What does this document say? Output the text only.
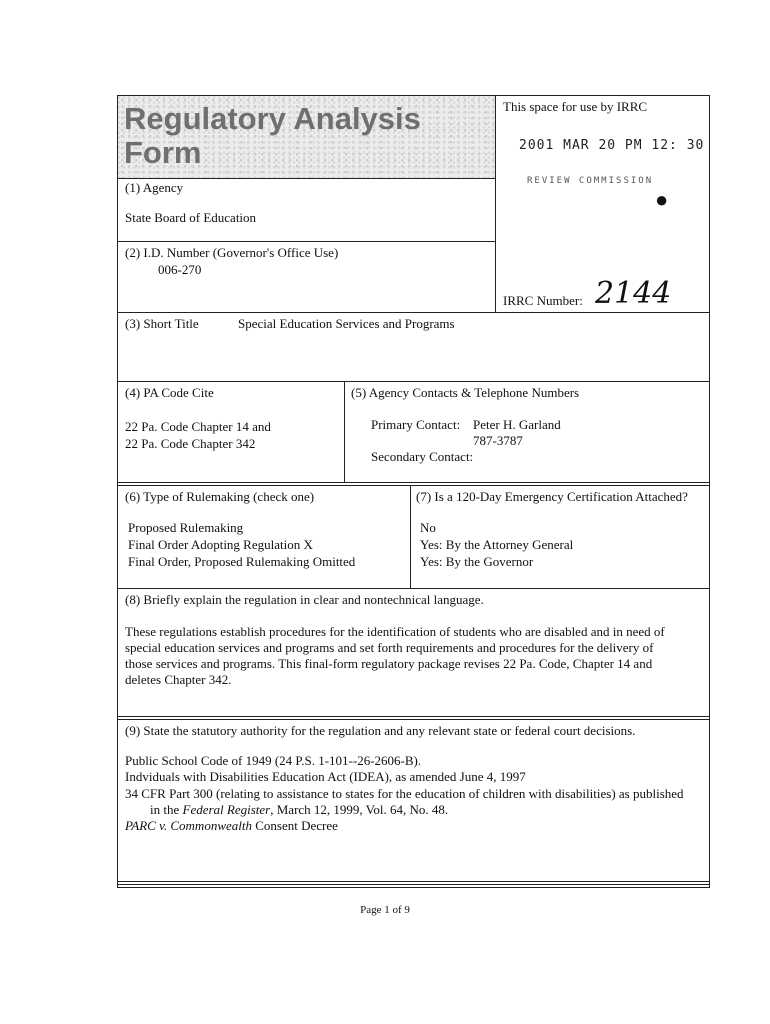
Regulatory Analysis Form
This space for use by IRRC
2001 MAR 20 PM 12: 30
REVIEW COMMISSION
●
IRRC Number: 2144
(1) Agency
State Board of Education
(2) I.D. Number (Governor's Office Use)
006-270
(3) Short Title	Special Education Services and Programs
(4) PA Code Cite
22 Pa. Code Chapter 14 and
22 Pa. Code Chapter 342
(5) Agency Contacts & Telephone Numbers
Primary Contact: Peter H. Garland
787-3787
Secondary Contact:
(6) Type of Rulemaking (check one)
Proposed Rulemaking
Final Order Adopting Regulation X
Final Order, Proposed Rulemaking Omitted
(7) Is a 120-Day Emergency Certification Attached?
No
Yes: By the Attorney General
Yes: By the Governor
(8) Briefly explain the regulation in clear and nontechnical language.
These regulations establish procedures for the identification of students who are disabled and in need of
special education services and programs and set forth requirements and procedures for the delivery of
those services and programs. This final-form regulatory package revises 22 Pa. Code, Chapter 14 and
deletes Chapter 342.
(9) State the statutory authority for the regulation and any relevant state or federal court decisions.
Public School Code of 1949 (24 P.S. 1-101--26-2606-B).
Indviduals with Disabilities Education Act (IDEA), as amended June 4, 1997
34 CFR Part 300 (relating to assistance to states for the education of children with disabilities) as published
in the Federal Register, March 12, 1999, Vol. 64, No. 48.
PARC v. Commonwealth Consent Decree
Page 1 of 9
